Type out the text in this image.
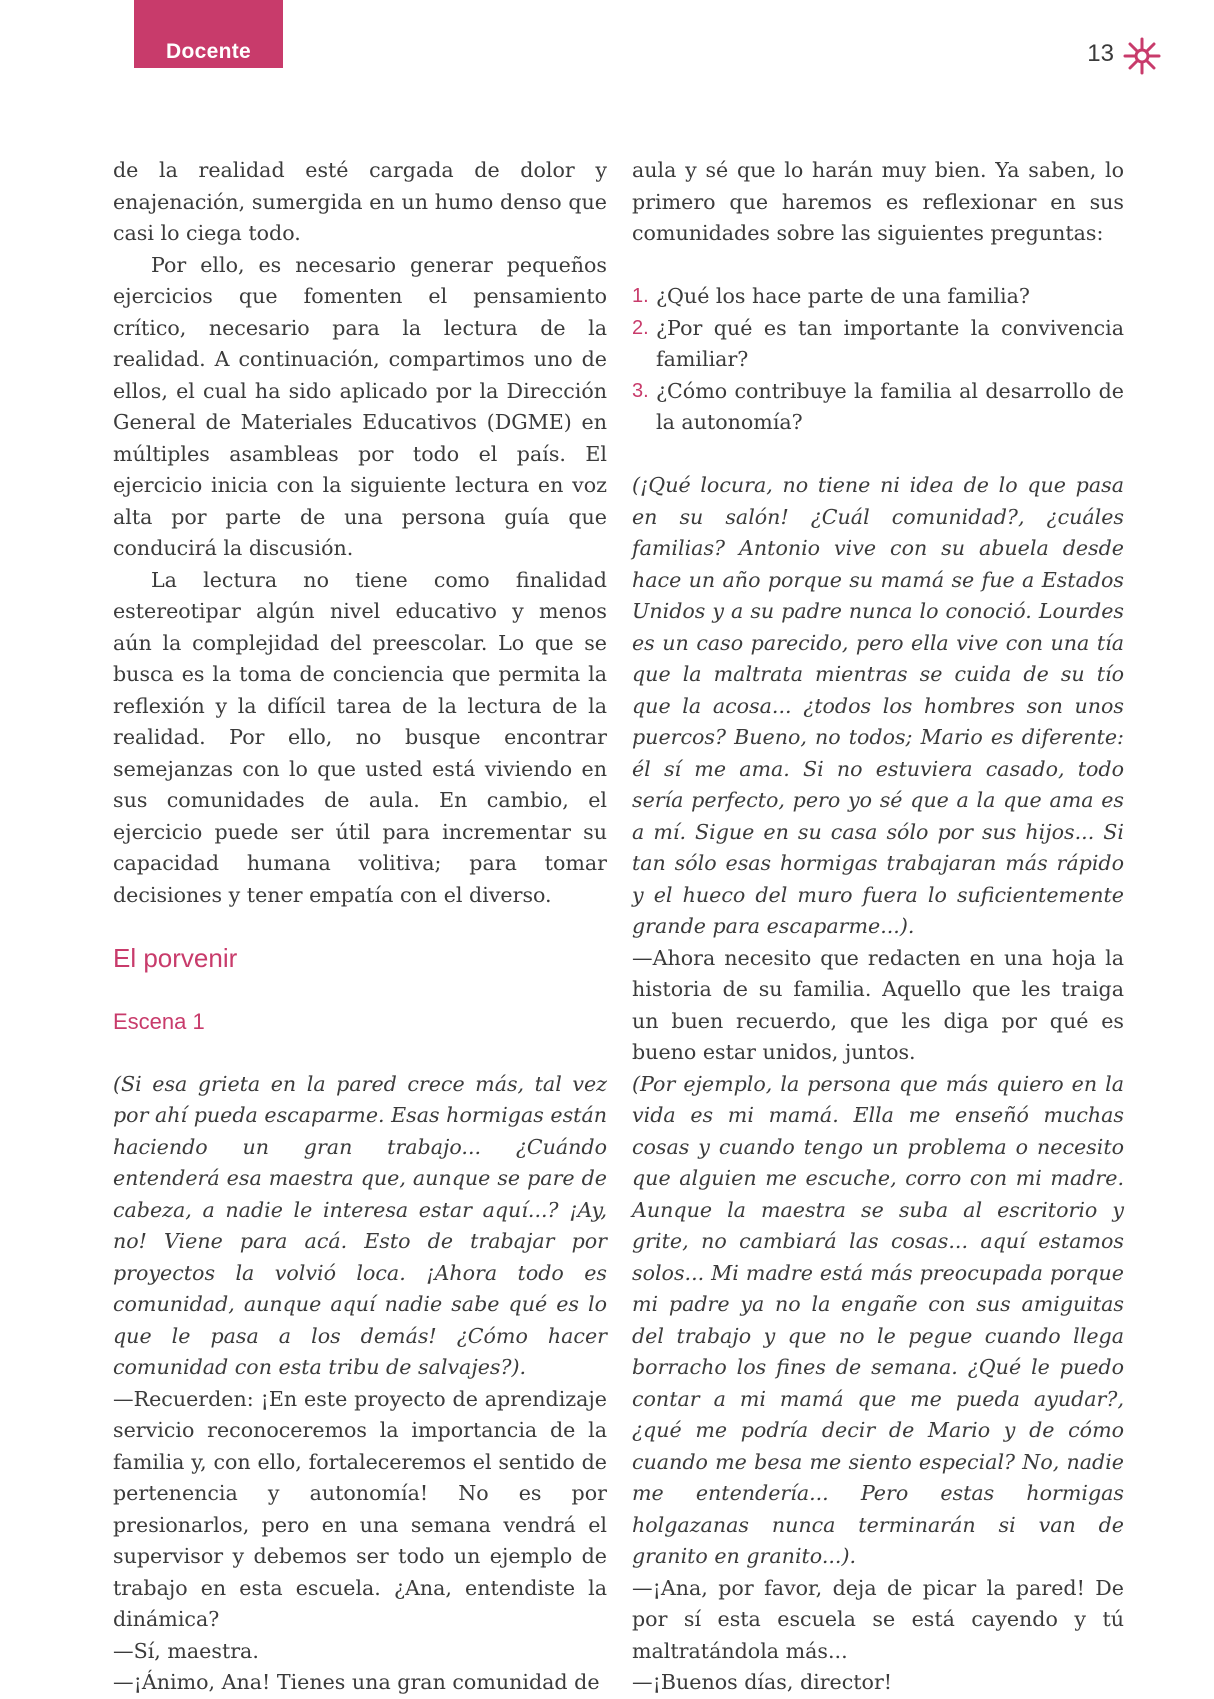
Docente	13

de la realidad esté cargada de dolor y enajenación, sumergida en un humo denso que casi lo ciega todo.

Por ello, es necesario generar pequeños ejercicios que fomenten el pensamiento crítico, necesario para la lectura de la realidad. A continuación, compartimos uno de ellos, el cual ha sido aplicado por la Dirección General de Materiales Educativos (DGME) en múltiples asambleas por todo el país. El ejercicio inicia con la siguiente lectura en voz alta por parte de una persona guía que conducirá la discusión.

La lectura no tiene como finalidad estereotipar algún nivel educativo y menos aún la complejidad del preescolar. Lo que se busca es la toma de conciencia que permita la reflexión y la difícil tarea de la lectura de la realidad. Por ello, no busque encontrar semejanzas con lo que usted está viviendo en sus comunidades de aula. En cambio, el ejercicio puede ser útil para incrementar su capacidad humana volitiva; para tomar decisiones y tener empatía con el diverso.

El porvenir
Escena 1

(Si esa grieta en la pared crece más, tal vez por ahí pueda escaparme. Esas hormigas están haciendo un gran trabajo... ¿Cuándo entenderá esa maestra que, aunque se pare de cabeza, a nadie le interesa estar aquí...? ¡Ay, no! Viene para acá. Esto de trabajar por proyectos la volvió loca. ¡Ahora todo es comunidad, aunque aquí nadie sabe qué es lo que le pasa a los demás! ¿Cómo hacer comunidad con esta tribu de salvajes?).

—Recuerden: ¡En este proyecto de aprendizaje servicio reconoceremos la importancia de la familia y, con ello, fortaleceremos el sentido de pertenencia y autonomía! No es por presionarlos, pero en una semana vendrá el supervisor y debemos ser todo un ejemplo de trabajo en esta escuela. ¿Ana, entendiste la dinámica?

—Sí, maestra.

—¡Ánimo, Ana! Tienes una gran comunidad de

aula y sé que lo harán muy bien. Ya saben, lo primero que haremos es reflexionar en sus comunidades sobre las siguientes preguntas:

1. ¿Qué los hace parte de una familia?
2. ¿Por qué es tan importante la convivencia familiar?
3. ¿Cómo contribuye la familia al desarrollo de la autonomía?

(¡Qué locura, no tiene ni idea de lo que pasa en su salón! ¿Cuál comunidad?, ¿cuáles familias? Antonio vive con su abuela desde hace un año porque su mamá se fue a Estados Unidos y a su padre nunca lo conoció. Lourdes es un caso parecido, pero ella vive con una tía que la maltrata mientras se cuida de su tío que la acosa... ¿todos los hombres son unos puercos? Bueno, no todos; Mario es diferente: él sí me ama. Si no estuviera casado, todo sería perfecto, pero yo sé que a la que ama es a mí. Sigue en su casa sólo por sus hijos... Si tan sólo esas hormigas trabajaran más rápido y el hueco del muro fuera lo suficientemente grande para escaparme...).

—Ahora necesito que redacten en una hoja la historia de su familia. Aquello que les traiga un buen recuerdo, que les diga por qué es bueno estar unidos, juntos.

(Por ejemplo, la persona que más quiero en la vida es mi mamá. Ella me enseñó muchas cosas y cuando tengo un problema o necesito que alguien me escuche, corro con mi madre. Aunque la maestra se suba al escritorio y grite, no cambiará las cosas... aquí estamos solos... Mi madre está más preocupada porque mi padre ya no la engañe con sus amiguitas del trabajo y que no le pegue cuando llega borracho los fines de semana. ¿Qué le puedo contar a mi mamá que me pueda ayudar?, ¿qué me podría decir de Mario y de cómo cuando me besa me siento especial? No, nadie me entendería... Pero estas hormigas holgazanas nunca terminarán si van de granito en granito...).

—¡Ana, por favor, deja de picar la pared! De por sí esta escuela se está cayendo y tú maltratándola más...

—¡Buenos días, director!
